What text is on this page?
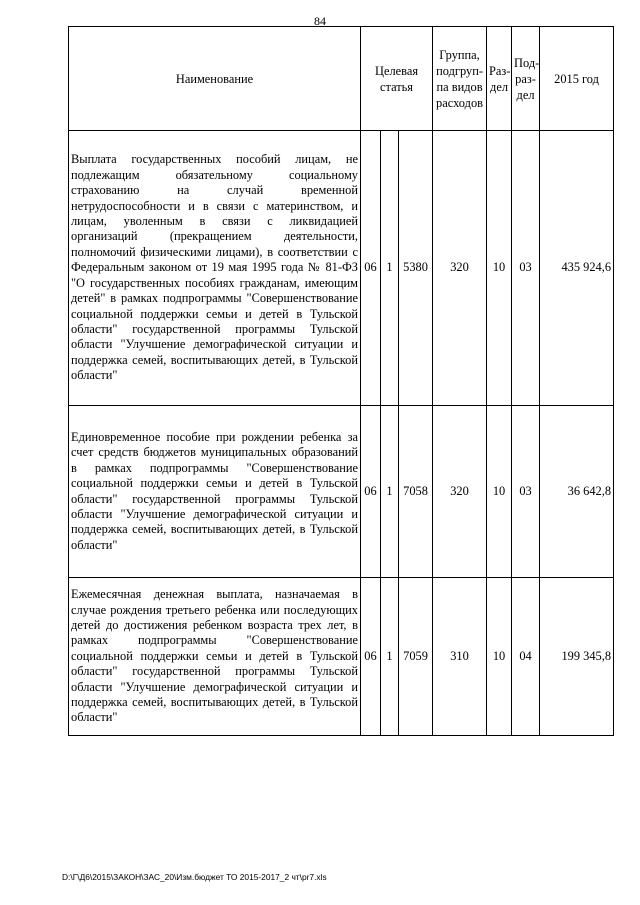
84
Наименование	Целевая статья			Группа, подгруп-па видов расходов	Раз-дел	Под-раз-дел	2015 год
Выплата государственных пособий лицам, не подлежащим обязательному социальному страхованию на случай временной нетрудоспособности и в связи с материнством, и лицам, уволенным в связи с ликвидацией организаций (прекращением деятельности, полномочий физическими лицами), в соответствии с Федеральным законом от 19 мая 1995 года № 81-ФЗ "О государственных пособиях гражданам, имеющим детей" в рамках подпрограммы "Совершенствование социальной поддержки семьи и детей в Тульской области" государственной программы Тульской области "Улучшение демографической ситуации и поддержка семей, воспитывающих детей, в Тульской области"	06	1	5380	320	10	03	435 924,6
Единовременное пособие при рождении ребенка за счет средств бюджетов муниципальных образований в рамках подпрограммы "Совершенствование социальной поддержки семьи и детей в Тульской области" государственной программы Тульской области "Улучшение демографической ситуации и поддержка семей, воспитывающих детей, в Тульской области"	06	1	7058	320	10	03	36 642,8
Ежемесячная денежная выплата, назначаемая в случае рождения третьего ребенка или последующих детей до достижения ребенком возраста трех лет, в рамках подпрограммы "Совершенствование социальной поддержки семьи и детей в Тульской области" государственной программы Тульской области "Улучшение демографической ситуации и поддержка семей, воспитывающих детей, в Тульской области"	06	1	7059	310	10	04	199 345,8
D:\Г\Д6\2015\ЗАКОН\ЗАС_20\Изм.бюджет ТО 2015-2017_2 чт\pr7.xls
